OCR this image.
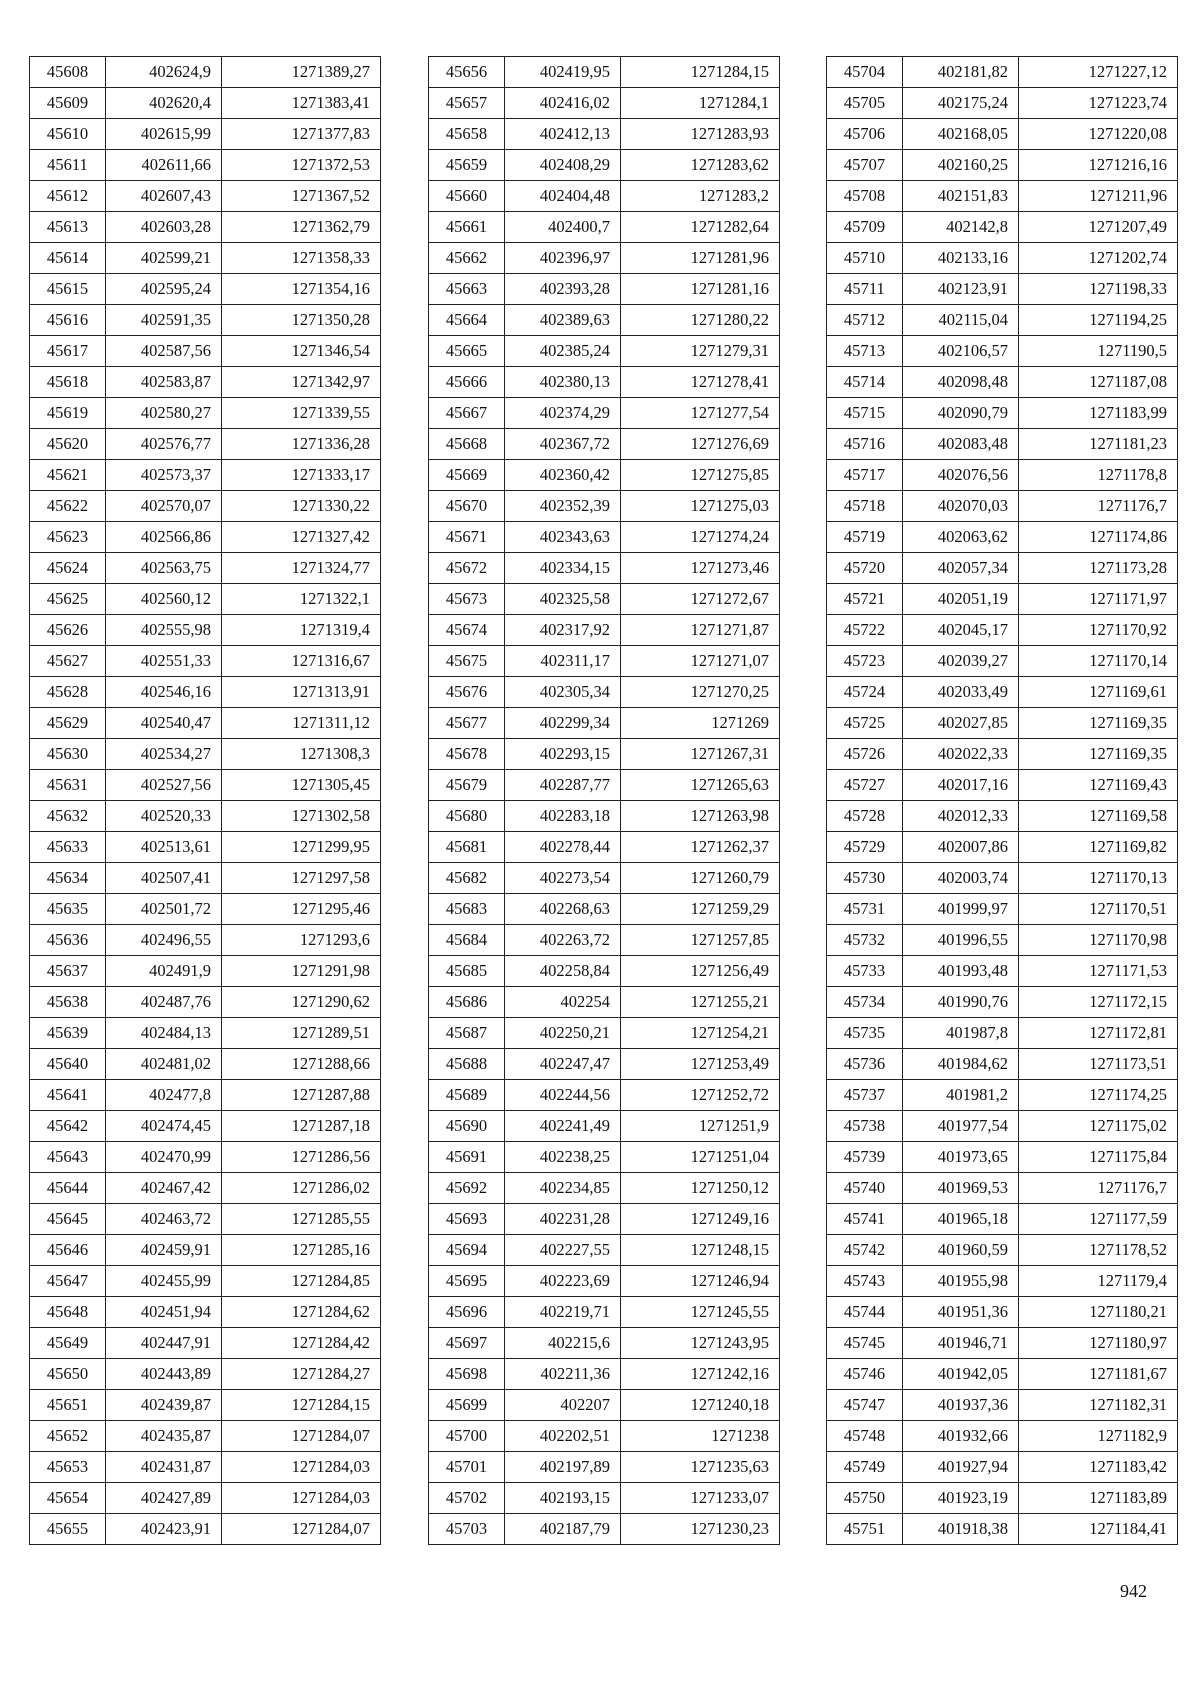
45608	402624,9	1271389,27
45609	402620,4	1271383,41
45610	402615,99	1271377,83
45611	402611,66	1271372,53
45612	402607,43	1271367,52
45613	402603,28	1271362,79
45614	402599,21	1271358,33
45615	402595,24	1271354,16
45616	402591,35	1271350,28
45617	402587,56	1271346,54
45618	402583,87	1271342,97
45619	402580,27	1271339,55
45620	402576,77	1271336,28
45621	402573,37	1271333,17
45622	402570,07	1271330,22
45623	402566,86	1271327,42
45624	402563,75	1271324,77
45625	402560,12	1271322,1
45626	402555,98	1271319,4
45627	402551,33	1271316,67
45628	402546,16	1271313,91
45629	402540,47	1271311,12
45630	402534,27	1271308,3
45631	402527,56	1271305,45
45632	402520,33	1271302,58
45633	402513,61	1271299,95
45634	402507,41	1271297,58
45635	402501,72	1271295,46
45636	402496,55	1271293,6
45637	402491,9	1271291,98
45638	402487,76	1271290,62
45639	402484,13	1271289,51
45640	402481,02	1271288,66
45641	402477,8	1271287,88
45642	402474,45	1271287,18
45643	402470,99	1271286,56
45644	402467,42	1271286,02
45645	402463,72	1271285,55
45646	402459,91	1271285,16
45647	402455,99	1271284,85
45648	402451,94	1271284,62
45649	402447,91	1271284,42
45650	402443,89	1271284,27
45651	402439,87	1271284,15
45652	402435,87	1271284,07
45653	402431,87	1271284,03
45654	402427,89	1271284,03
45655	402423,91	1271284,07
45656	402419,95	1271284,15
45657	402416,02	1271284,1
45658	402412,13	1271283,93
45659	402408,29	1271283,62
45660	402404,48	1271283,2
45661	402400,7	1271282,64
45662	402396,97	1271281,96
45663	402393,28	1271281,16
45664	402389,63	1271280,22
45665	402385,24	1271279,31
45666	402380,13	1271278,41
45667	402374,29	1271277,54
45668	402367,72	1271276,69
45669	402360,42	1271275,85
45670	402352,39	1271275,03
45671	402343,63	1271274,24
45672	402334,15	1271273,46
45673	402325,58	1271272,67
45674	402317,92	1271271,87
45675	402311,17	1271271,07
45676	402305,34	1271270,25
45677	402299,34	1271269
45678	402293,15	1271267,31
45679	402287,77	1271265,63
45680	402283,18	1271263,98
45681	402278,44	1271262,37
45682	402273,54	1271260,79
45683	402268,63	1271259,29
45684	402263,72	1271257,85
45685	402258,84	1271256,49
45686	402254	1271255,21
45687	402250,21	1271254,21
45688	402247,47	1271253,49
45689	402244,56	1271252,72
45690	402241,49	1271251,9
45691	402238,25	1271251,04
45692	402234,85	1271250,12
45693	402231,28	1271249,16
45694	402227,55	1271248,15
45695	402223,69	1271246,94
45696	402219,71	1271245,55
45697	402215,6	1271243,95
45698	402211,36	1271242,16
45699	402207	1271240,18
45700	402202,51	1271238
45701	402197,89	1271235,63
45702	402193,15	1271233,07
45703	402187,79	1271230,23
45704	402181,82	1271227,12
45705	402175,24	1271223,74
45706	402168,05	1271220,08
45707	402160,25	1271216,16
45708	402151,83	1271211,96
45709	402142,8	1271207,49
45710	402133,16	1271202,74
45711	402123,91	1271198,33
45712	402115,04	1271194,25
45713	402106,57	1271190,5
45714	402098,48	1271187,08
45715	402090,79	1271183,99
45716	402083,48	1271181,23
45717	402076,56	1271178,8
45718	402070,03	1271176,7
45719	402063,62	1271174,86
45720	402057,34	1271173,28
45721	402051,19	1271171,97
45722	402045,17	1271170,92
45723	402039,27	1271170,14
45724	402033,49	1271169,61
45725	402027,85	1271169,35
45726	402022,33	1271169,35
45727	402017,16	1271169,43
45728	402012,33	1271169,58
45729	402007,86	1271169,82
45730	402003,74	1271170,13
45731	401999,97	1271170,51
45732	401996,55	1271170,98
45733	401993,48	1271171,53
45734	401990,76	1271172,15
45735	401987,8	1271172,81
45736	401984,62	1271173,51
45737	401981,2	1271174,25
45738	401977,54	1271175,02
45739	401973,65	1271175,84
45740	401969,53	1271176,7
45741	401965,18	1271177,59
45742	401960,59	1271178,52
45743	401955,98	1271179,4
45744	401951,36	1271180,21
45745	401946,71	1271180,97
45746	401942,05	1271181,67
45747	401937,36	1271182,31
45748	401932,66	1271182,9
45749	401927,94	1271183,42
45750	401923,19	1271183,89
45751	401918,38	1271184,41
942
